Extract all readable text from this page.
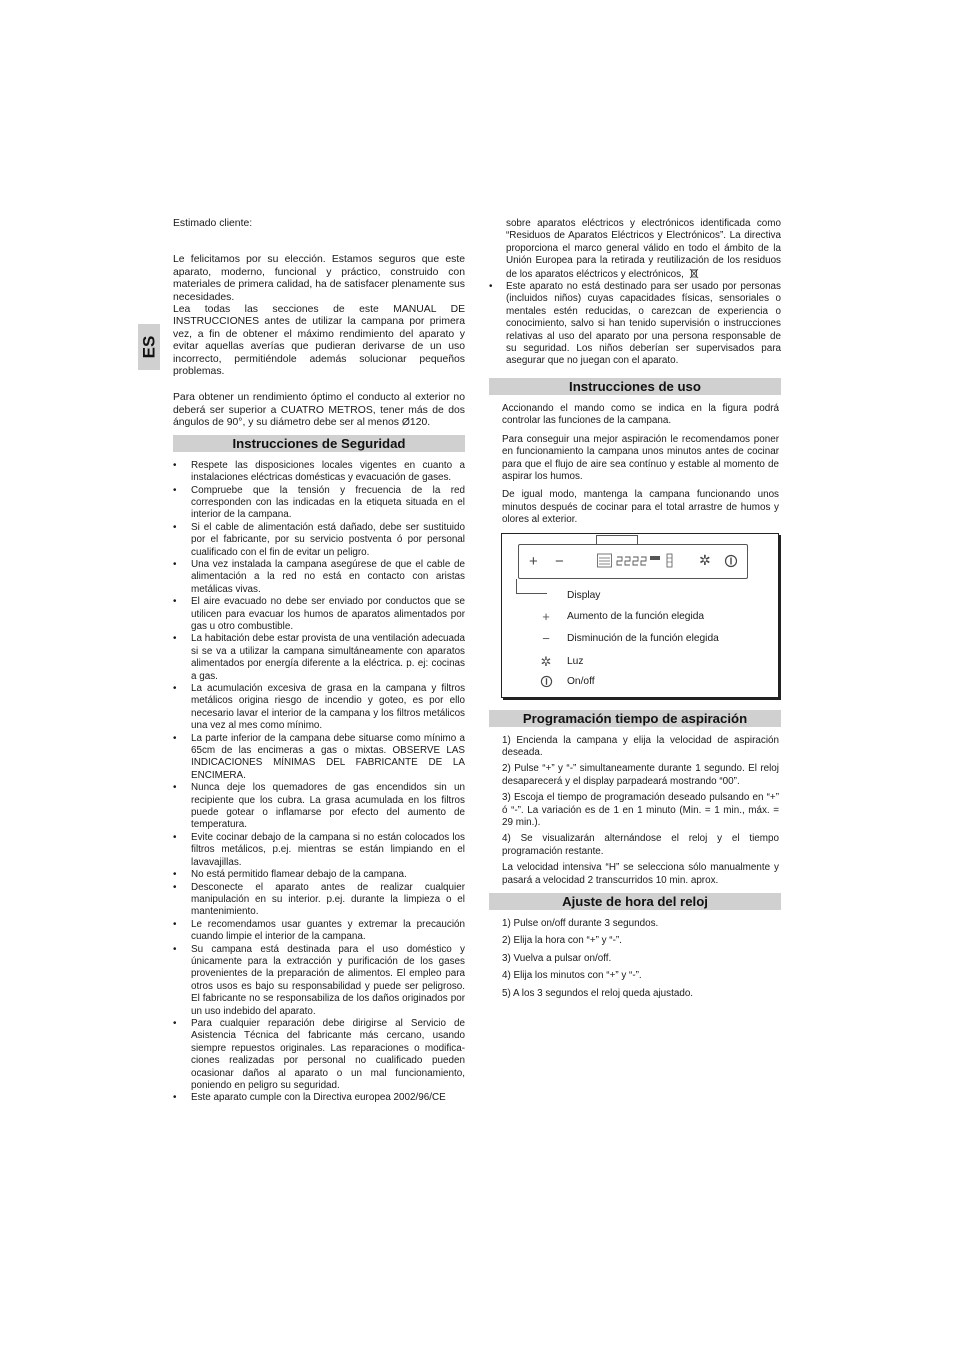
ES

Estimado cliente:

Le felicitamos por su elección. Estamos seguros que este aparato, moderno, funcional y práctico, construido con materiales de primera calidad, ha de satisfacer plenamente sus necesidades.

Lea todas las secciones de este MANUAL DE INSTRUCCIONES antes de utilizar la campana por primera vez, a fin de obtener el máximo rendimiento del aparato y evitar aquellas averías que pudieran derivarse de un uso incorrecto, permitiéndole además solucionar pequeños problemas.

Para obtener un rendimiento óptimo el conducto al exterior no deberá ser superior a CUATRO METROS, tener más de dos ángulos de 90°, y su diámetro debe ser al menos Ø120.

Instrucciones de Seguridad
• Respete las disposiciones locales vigentes en cuanto a instalaciones eléctricas domésticas y evacuación de gases.
• Compruebe que la tensión y frecuencia de la red corresponden con las indicadas en la etiqueta situada en el interior de la campana.
• Si el cable de alimentación está dañado, debe ser sustituido por el fabricante, por su servicio postventa ó por personal cualificado con el fin de evitar un peligro.
• Una vez instalada la campana asegúrese de que el cable de alimentación a la red no está en contacto con aristas metálicas vivas.
• El aire evacuado no debe ser enviado por conductos que se utilicen para evacuar los humos de aparatos alimentados por gas u otro combustible.
• La habitación debe estar provista de una ventilación adecuada si se va a utilizar la campana simultáneamente con aparatos alimentados por energía diferente a la eléctrica. p. ej: cocinas a gas.
• La acumulación excesiva de grasa en la campana y filtros metálicos origina riesgo de incendio y goteo, es por ello necesario lavar el interior de la campana y los filtros metálicos una vez al mes como mínimo.
• La parte inferior de la campana debe situarse como mínimo a 65cm de las encimeras a gas o mixtas. OBSERVE LAS INDICACIONES MÍNIMAS DEL FABRICANTE DE LA ENCIMERA.
• Nunca deje los quemadores de gas encendidos sin un recipiente que los cubra. La grasa acumulada en los filtros puede gotear o inflamarse por efecto del aumento de temperatura.
• Evite cocinar debajo de la campana si no están colocados los filtros metálicos, p.ej. mientras se están limpiando en el lavavajillas.
• No está permitido flamear debajo de la campana.
• Desconecte el aparato antes de realizar cualquier manipulación en su interior. p.ej. durante la limpieza o el mantenimiento.
• Le recomendamos usar guantes y extremar la precaución cuando limpie el interior de la campana.
• Su campana está destinada para el uso doméstico y únicamente para la extracción y purificación de los gases provenientes de la preparación de alimentos. El empleo para otros usos es bajo su responsabilidad y puede ser peligroso. El fabricante no se responsabiliza de los daños originados por un uso indebido del aparato.
• Para cualquier reparación debe dirigirse al Servicio de Asistencia Técnica del fabricante más cercano, usando siempre repuestos originales. Las reparaciones o modifica-ciones realizadas por personal no cualificado pueden ocasionar daños al aparato o un mal funcionamiento, poniendo en peligro su seguridad.
• Este aparato cumple con la Directiva europea 2002/96/CE
sobre aparatos eléctricos y electrónicos identificada como “Residuos de Aparatos Eléctricos y Electrónicos”. La directiva proporciona el marco general válido en todo el ámbito de la Unión Europea para la retirada y reutilización de los residuos de los aparatos eléctricos y electrónicos,
• Este aparato no está destinado para ser usado por personas (incluidos niños) cuyas capacidades físicas, sensoriales o mentales estén reducidas, o carezcan de experiencia o conocimiento, salvo si han tenido supervisión o instrucciones relativas al uso del aparato por una persona responsable de su seguridad. Los niños deberían ser supervisados para asegurar que no juegan con el aparato.
Instrucciones de uso

Accionando el mando como se indica en la figura podrá controlar las funciones de la campana.

Para conseguir una mejor aspiración le recomendamos poner en funcionamiento la campana unos minutos antes de cocinar para que el flujo de aire sea contínuo y estable al momento de aspirar los humos.

De igual modo, mantenga la campana funcionando unos minutos después de cocinar para el total arrastre de humos y olores al exterior.

+ −	✲
Display
+	Aumento de la función elegida
−	Disminución de la función elegida
✲	Luz
On/off
Programación tiempo de aspiración

1) Encienda la campana y elija la velocidad de aspiración deseada.

2) Pulse “+” y “-” simultaneamente durante 1 segundo. El reloj desaparecerá y el display parpadeará mostrando “00”.

3) Escoja el tiempo de programación deseado pulsando en “+” ó “-”. La variación es de 1 en 1 minuto (Min. = 1 min., máx. = 29 min.).

4) Se visualizarán alternándose el reloj y el tiempo programación restante.

La velocidad intensiva “H” se selecciona sólo manualmente y pasará a velocidad 2 transcurridos 10 min. aprox.

Ajuste de hora del reloj

1) Pulse on/off durante 3 segundos.

2) Elija la hora con “+” y “-”.

3) Vuelva a pulsar on/off.

4) Elija los minutos con “+” y “-”.

5) A los 3 segundos el reloj queda ajustado.
